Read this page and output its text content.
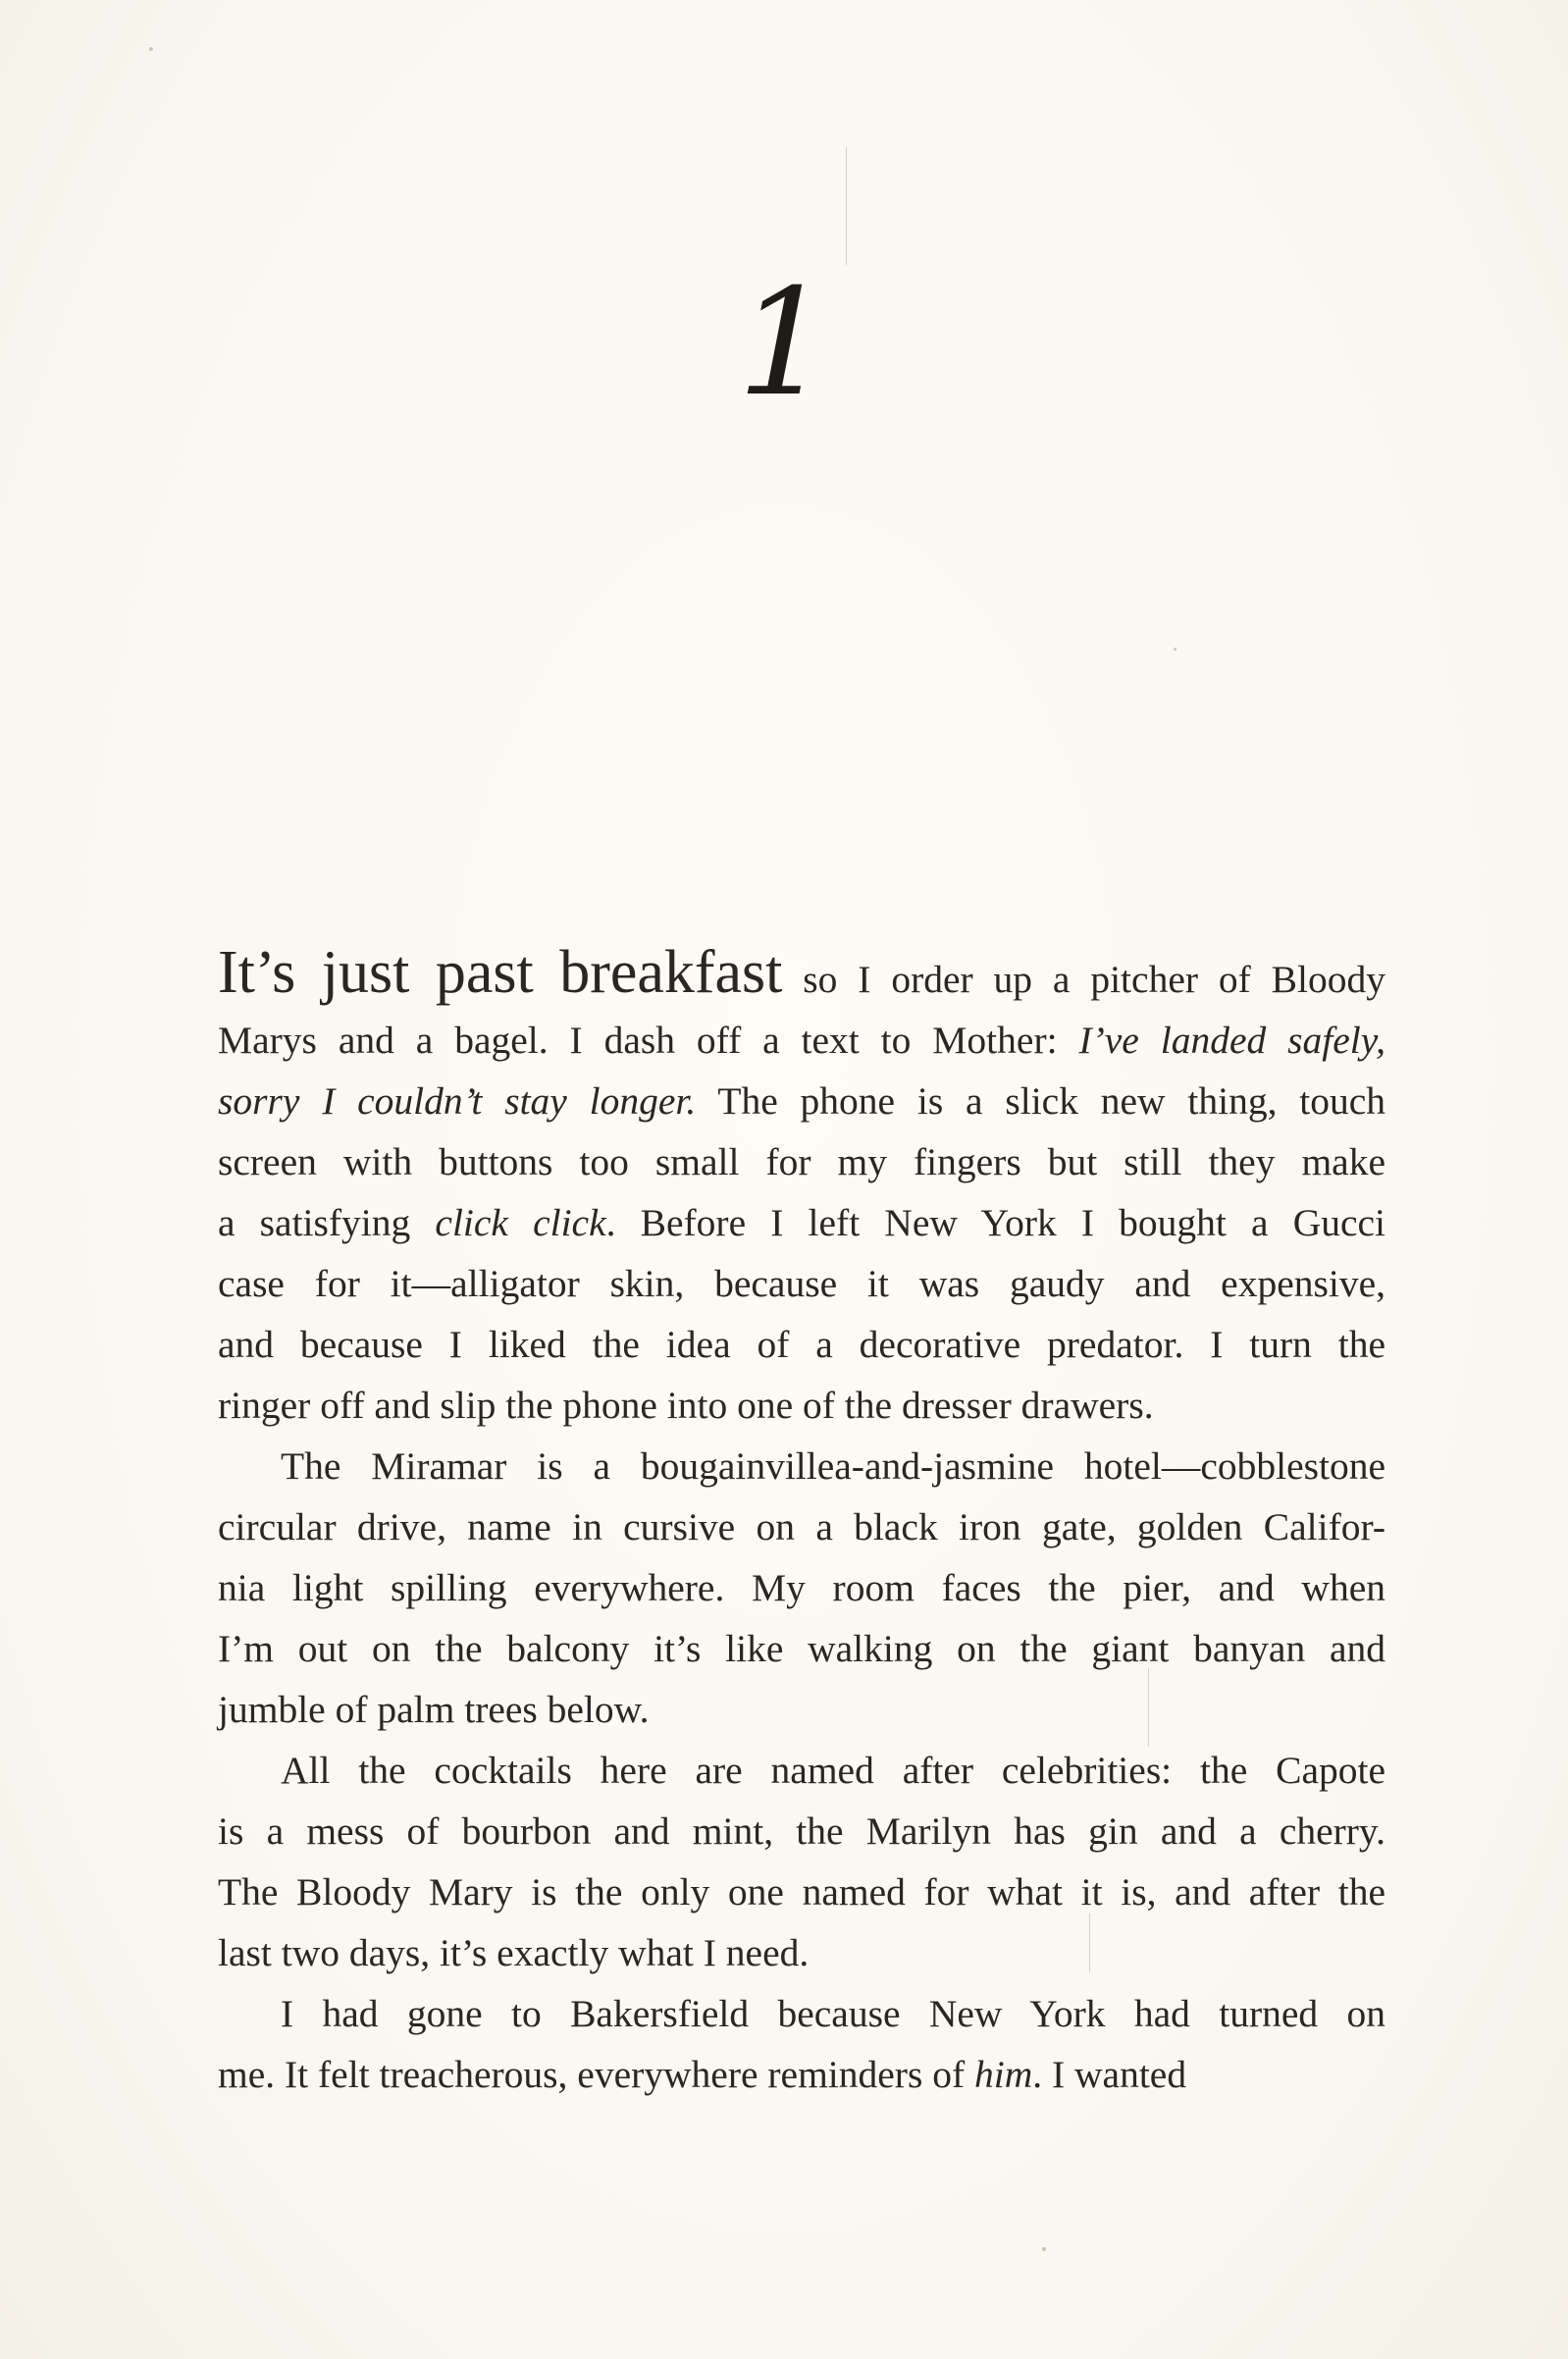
1
It’s just past breakfast so I order up a pitcher of Bloody
Marys and a bagel. I dash off a text to Mother: I’ve landed safely,
sorry I couldn’t stay longer. The phone is a slick new thing, touch
screen with buttons too small for my fingers but still they make
a satisfying click click. Before I left New York I bought a Gucci
case for it—alligator skin, because it was gaudy and expensive,
and because I liked the idea of a decorative predator. I turn the
ringer off and slip the phone into one of the dresser drawers.
The Miramar is a bougainvillea-and-jasmine hotel—cobblestone
circular drive, name in cursive on a black iron gate, golden Califor-
nia light spilling everywhere. My room faces the pier, and when
I’m out on the balcony it’s like walking on the giant banyan and
jumble of palm trees below.
All the cocktails here are named after celebrities: the Capote
is a mess of bourbon and mint, the Marilyn has gin and a cherry.
The Bloody Mary is the only one named for what it is, and after the
last two days, it’s exactly what I need.
I had gone to Bakersfield because New York had turned on
me. It felt treacherous, everywhere reminders of him. I wanted
